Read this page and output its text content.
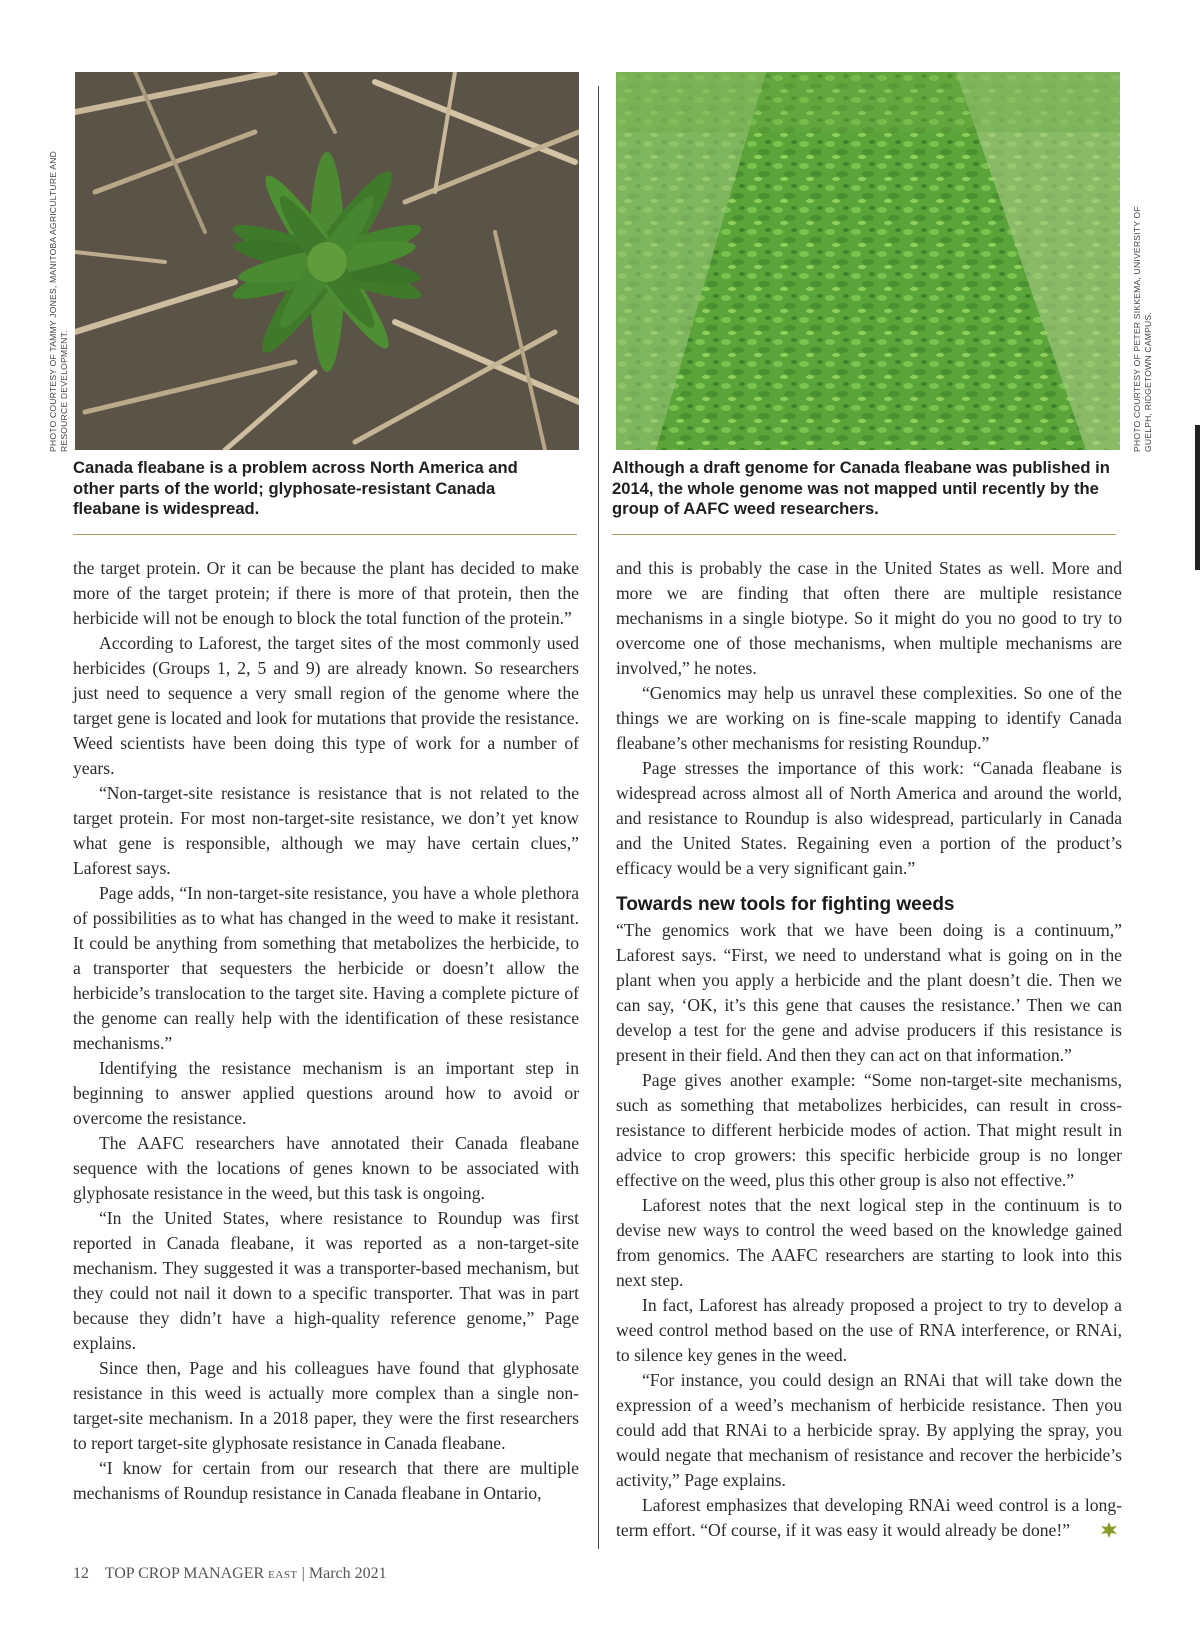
PHOTO COURTESY OF TAMMY JONES, MANITOBA AGRICULTURE AND RESOURCE DEVELOPMENT.	PHOTO COURTESY OF PETER SIKKEMA, UNIVERSITY OF GUELPH, RIDGETOWN CAMPUS.
Canada fleabane is a problem across North America and other parts of the world; glyphosate-resistant Canada fleabane is widespread.
Although a draft genome for Canada fleabane was published in 2014, the whole genome was not mapped until recently by the group of AAFC weed researchers.

the target protein. Or it can be because the plant has decided to make more of the target protein; if there is more of that protein, then the herbicide will not be enough to block the total function of the protein.”

According to Laforest, the target sites of the most commonly used herbicides (Groups 1, 2, 5 and 9) are already known. So researchers just need to sequence a very small region of the genome where the target gene is located and look for mutations that provide the resistance. Weed scientists have been doing this type of work for a number of years.

“Non-target-site resistance is resistance that is not related to the target protein. For most non-target-site resistance, we don’t yet know what gene is responsible, although we may have certain clues,” Laforest says.

Page adds, “In non-target-site resistance, you have a whole plethora of possibilities as to what has changed in the weed to make it resistant. It could be anything from something that metabolizes the herbicide, to a transporter that sequesters the herbicide or doesn’t allow the herbicide’s translocation to the target site. Having a complete picture of the genome can really help with the identification of these resistance mechanisms.”

Identifying the resistance mechanism is an important step in beginning to answer applied questions around how to avoid or overcome the resistance.

The AAFC researchers have annotated their Canada fleabane sequence with the locations of genes known to be associated with glyphosate resistance in the weed, but this task is ongoing.

“In the United States, where resistance to Roundup was first reported in Canada fleabane, it was reported as a non-target-site mechanism. They suggested it was a transporter-based mechanism, but they could not nail it down to a specific transporter. That was in part because they didn’t have a high-quality reference genome,” Page explains.

Since then, Page and his colleagues have found that glyphosate resistance in this weed is actually more complex than a single non-target-site mechanism. In a 2018 paper, they were the first researchers to report target-site glyphosate resistance in Canada fleabane.

“I know for certain from our research that there are multiple mechanisms of Roundup resistance in Canada fleabane in Ontario,

and this is probably the case in the United States as well. More and more we are finding that often there are multiple resistance mechanisms in a single biotype. So it might do you no good to try to overcome one of those mechanisms, when multiple mechanisms are involved,” he notes.

“Genomics may help us unravel these complexities. So one of the things we are working on is fine-scale mapping to identify Canada fleabane’s other mechanisms for resisting Roundup.”

Page stresses the importance of this work: “Canada fleabane is widespread across almost all of North America and around the world, and resistance to Roundup is also widespread, particularly in Canada and the United States. Regaining even a portion of the product’s efficacy would be a very significant gain.”

Towards new tools for fighting weeds

“The genomics work that we have been doing is a continuum,” Laforest says. “First, we need to understand what is going on in the plant when you apply a herbicide and the plant doesn’t die. Then we can say, ‘OK, it’s this gene that causes the resistance.’ Then we can develop a test for the gene and advise producers if this resistance is present in their field. And then they can act on that information.”

Page gives another example: “Some non-target-site mechanisms, such as something that metabolizes herbicides, can result in cross-resistance to different herbicide modes of action. That might result in advice to crop growers: this specific herbicide group is no longer effective on the weed, plus this other group is also not effective.”

Laforest notes that the next logical step in the continuum is to devise new ways to control the weed based on the knowledge gained from genomics. The AAFC researchers are starting to look into this next step.

In fact, Laforest has already proposed a project to try to develop a weed control method based on the use of RNA interference, or RNAi, to silence key genes in the weed.

“For instance, you could design an RNAi that will take down the expression of a weed’s mechanism of herbicide resistance. Then you could add that RNAi to a herbicide spray. By applying the spray, you would negate that mechanism of resistance and recover the herbicide’s activity,” Page explains.

Laforest emphasizes that developing RNAi weed control is a long-term effort. “Of course, if it was easy it would already be done!”

12 TOP CROP MANAGER EAST | March 2021
